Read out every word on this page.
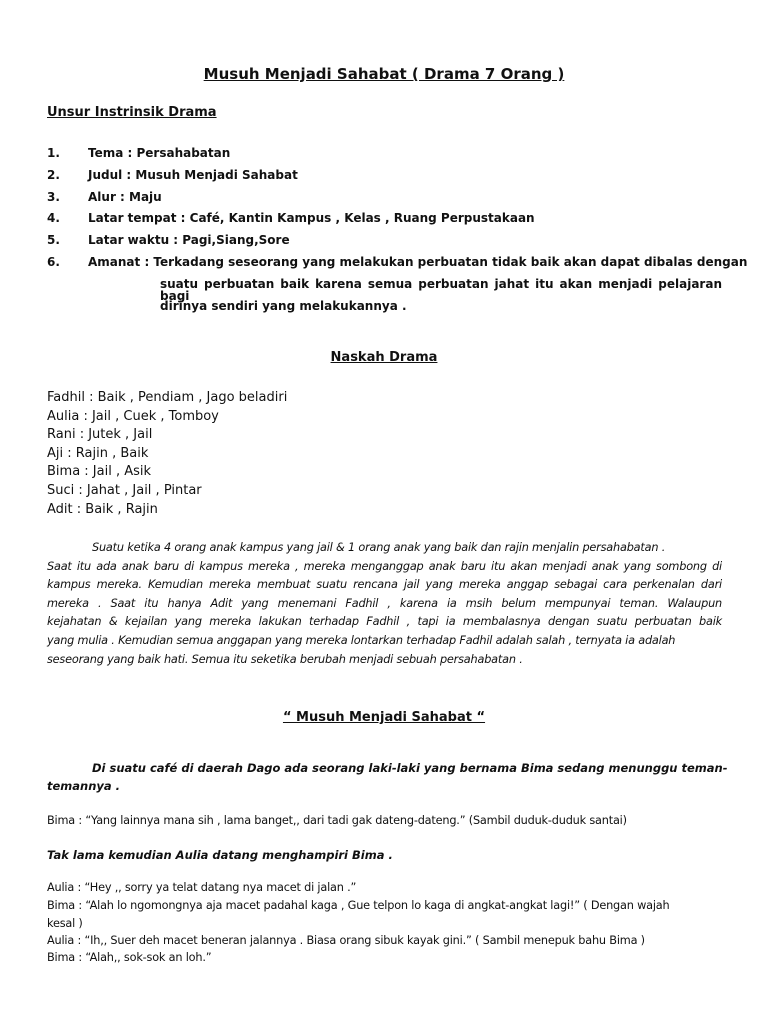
Musuh Menjadi Sahabat ( Drama 7 Orang )
Unsur Instrinsik Drama
1. Tema : Persahabatan
2. Judul : Musuh Menjadi Sahabat
3. Alur : Maju
4. Latar tempat : Café, Kantin Kampus , Kelas , Ruang Perpustakaan
5. Latar waktu : Pagi,Siang,Sore
6. Amanat : Terkadang seseorang yang melakukan perbuatan tidak baik akan dapat dibalas dengan
suatu perbuatan baik karena semua perbuatan jahat itu akan menjadi pelajaran bagi
dirinya sendiri yang melakukannya .
Naskah Drama
Fadhil : Baik , Pendiam , Jago beladiri
Aulia : Jail , Cuek , Tomboy
Rani : Jutek , Jail
Aji : Rajin , Baik
Bima : Jail , Asik
Suci : Jahat , Jail , Pintar
Adit : Baik , Rajin
Suatu ketika 4 orang anak kampus yang jail & 1 orang anak yang baik dan rajin menjalin persahabatan .
Saat itu ada anak baru di kampus mereka , mereka menganggap anak baru itu akan menjadi anak yang sombong di
kampus mereka. Kemudian mereka membuat suatu rencana jail yang mereka anggap sebagai cara perkenalan dari
mereka . Saat itu hanya Adit yang menemani Fadhil , karena ia msih belum mempunyai teman. Walaupun
kejahatan & kejailan yang mereka lakukan terhadap Fadhil , tapi ia membalasnya dengan suatu perbuatan baik
yang mulia . Kemudian semua anggapan yang mereka lontarkan terhadap Fadhil adalah salah , ternyata ia adalah
seseorang yang baik hati. Semua itu seketika berubah menjadi sebuah persahabatan .
“ Musuh Menjadi Sahabat “
Di suatu café di daerah Dago ada seorang laki-laki yang bernama Bima sedang menunggu teman-
temannya .
Bima : “Yang lainnya mana sih , lama banget,, dari tadi gak dateng-dateng.” (Sambil duduk-duduk santai)
Tak lama kemudian Aulia datang menghampiri Bima .
Aulia : “Hey ,, sorry ya telat datang nya macet di jalan .”
Bima : “Alah lo ngomongnya aja macet padahal kaga , Gue telpon lo kaga di angkat-angkat lagi!” ( Dengan wajah
kesal )
Aulia : “Ih,, Suer deh macet beneran jalannya . Biasa orang sibuk kayak gini.” ( Sambil menepuk bahu Bima )
Bima : “Alah,, sok-sok an loh.”
